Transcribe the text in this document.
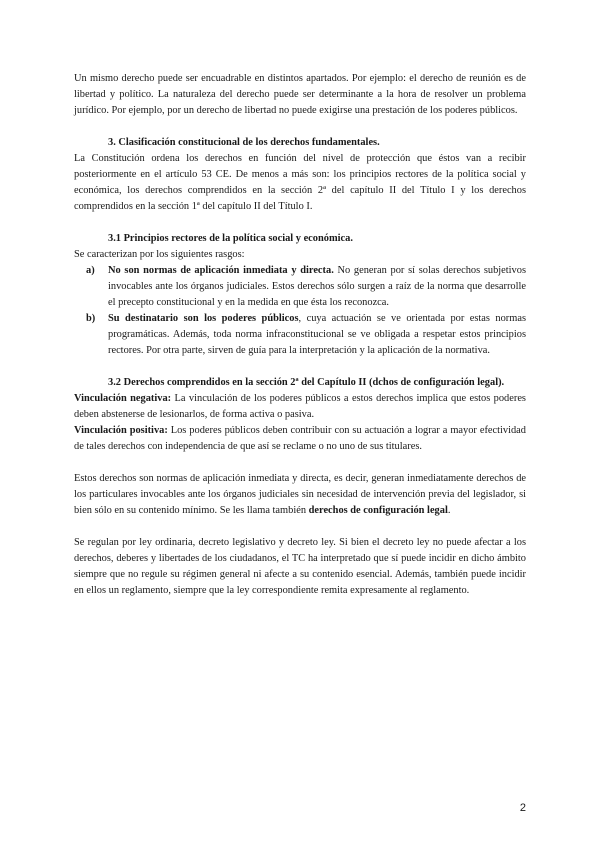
Un mismo derecho puede ser encuadrable en distintos apartados. Por ejemplo: el derecho de reunión es de libertad y político. La naturaleza del derecho puede ser determinante a la hora de resolver un problema jurídico. Por ejemplo, por un derecho de libertad no puede exigirse una prestación de los poderes públicos.

3. Clasificación constitucional de los derechos fundamentales.

La Constitución ordena los derechos en función del nivel de protección que éstos van a recibir posteriormente en el artículo 53 CE. De menos a más son: los principios rectores de la política social y económica, los derechos comprendidos en la sección 2ª del capítulo II del Título I y los derechos comprendidos en la sección 1ª del capítulo II del Título I.

3.1 Principios rectores de la política social y económica.

Se caracterizan por los siguientes rasgos:

a)	No son normas de aplicación inmediata y directa. No generan por sí solas derechos subjetivos invocables ante los órganos judiciales. Estos derechos sólo surgen a raíz de la norma que desarrolle el precepto constitucional y en la medida en que ésta los reconozca.

b)	Su destinatario son los poderes públicos, cuya actuación se ve orientada por estas normas programáticas. Además, toda norma infraconstitucional se ve obligada a respetar estos principios rectores. Por otra parte, sirven de guía para la interpretación y la aplicación de la normativa.

3.2 Derechos comprendidos en la sección 2ª del Capítulo II (dchos de configuración legal).

Vinculación negativa: La vinculación de los poderes públicos a estos derechos implica que estos poderes deben abstenerse de lesionarlos, de forma activa o pasiva.

Vinculación positiva: Los poderes públicos deben contribuir con su actuación a lograr a mayor efectividad de tales derechos con independencia de que así se reclame o no uno de sus titulares.

Estos derechos son normas de aplicación inmediata y directa, es decir, generan inmediatamente derechos de los particulares invocables ante los órganos judiciales sin necesidad de intervención previa del legislador, si bien sólo en su contenido mínimo. Se les llama también derechos de configuración legal.

Se regulan por ley ordinaria, decreto legislativo y decreto ley. Si bien el decreto ley no puede afectar a los derechos, deberes y libertades de los ciudadanos, el TC ha interpretado que sí puede incidir en dicho ámbito siempre que no regule su régimen general ni afecte a su contenido esencial. Además, también puede incidir en ellos un reglamento, siempre que la ley correspondiente remita expresamente al reglamento.

2
